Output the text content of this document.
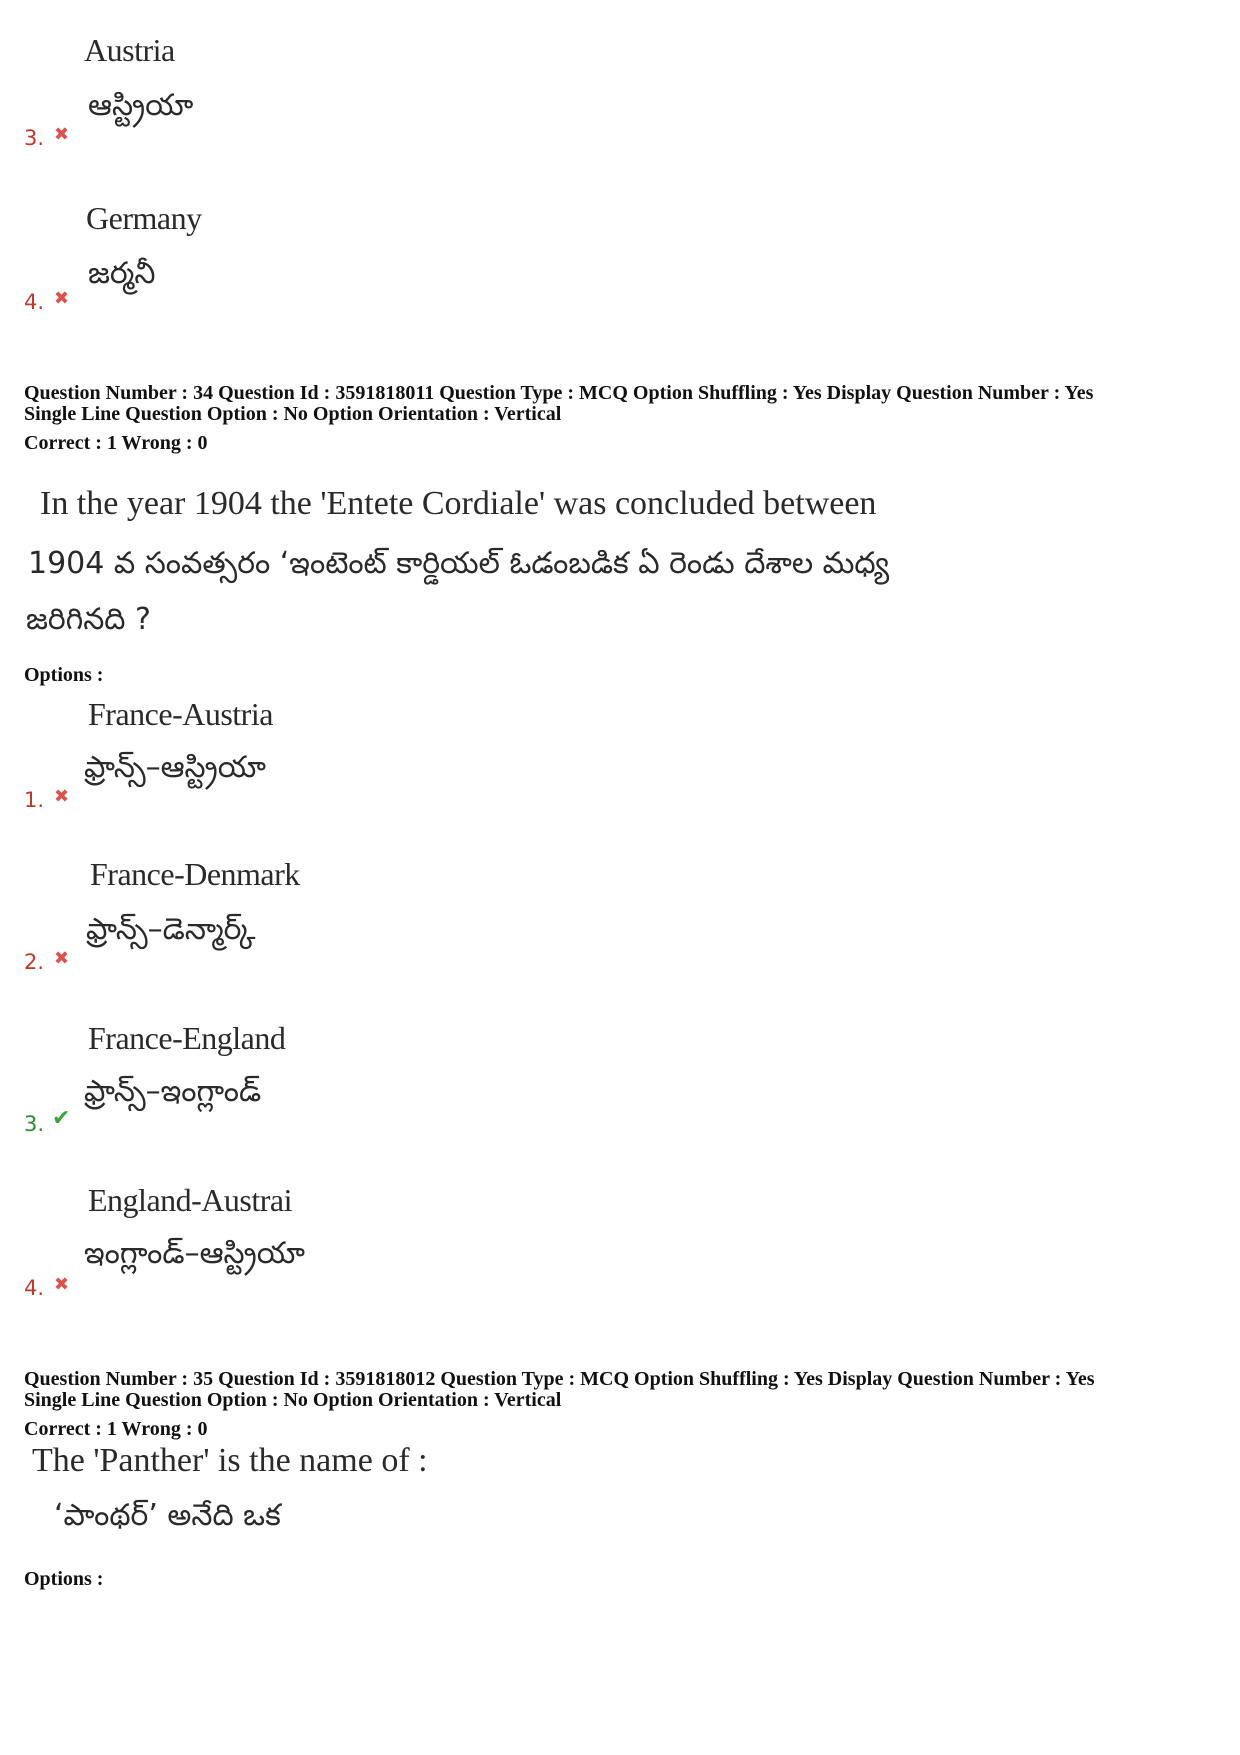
Austria
ఆస్ట్రియా
3. ✖
Germany
జర్మనీ
4. ✖
Question Number : 34 Question Id : 3591818011 Question Type : MCQ Option Shuffling : Yes Display Question Number : Yes
Single Line Question Option : No Option Orientation : Vertical
Correct : 1 Wrong : 0
In the year 1904 the 'Entete Cordiale' was concluded between
1904 వ సంవత్సరం ‘ఇంటెంట్ కార్డియల్ ఓడంబడిక ఏ రెండు దేశాల మధ్య
జరిగినది ?
Options :
France-Austria
ఫ్రాన్స్–ఆస్ట్రియా
1. ✖
France-Denmark
ఫ్రాన్స్–డెన్మార్క్
2. ✖
France-England
ఫ్రాన్స్–ఇంగ్లాండ్
3. ✔
England-Austrai
ఇంగ్లాండ్–ఆస్ట్రియా
4. ✖
Question Number : 35 Question Id : 3591818012 Question Type : MCQ Option Shuffling : Yes Display Question Number : Yes
Single Line Question Option : No Option Orientation : Vertical
Correct : 1 Wrong : 0
The 'Panther' is the name of :
‘పాంథర్’ అనేది ఒక
Options :
